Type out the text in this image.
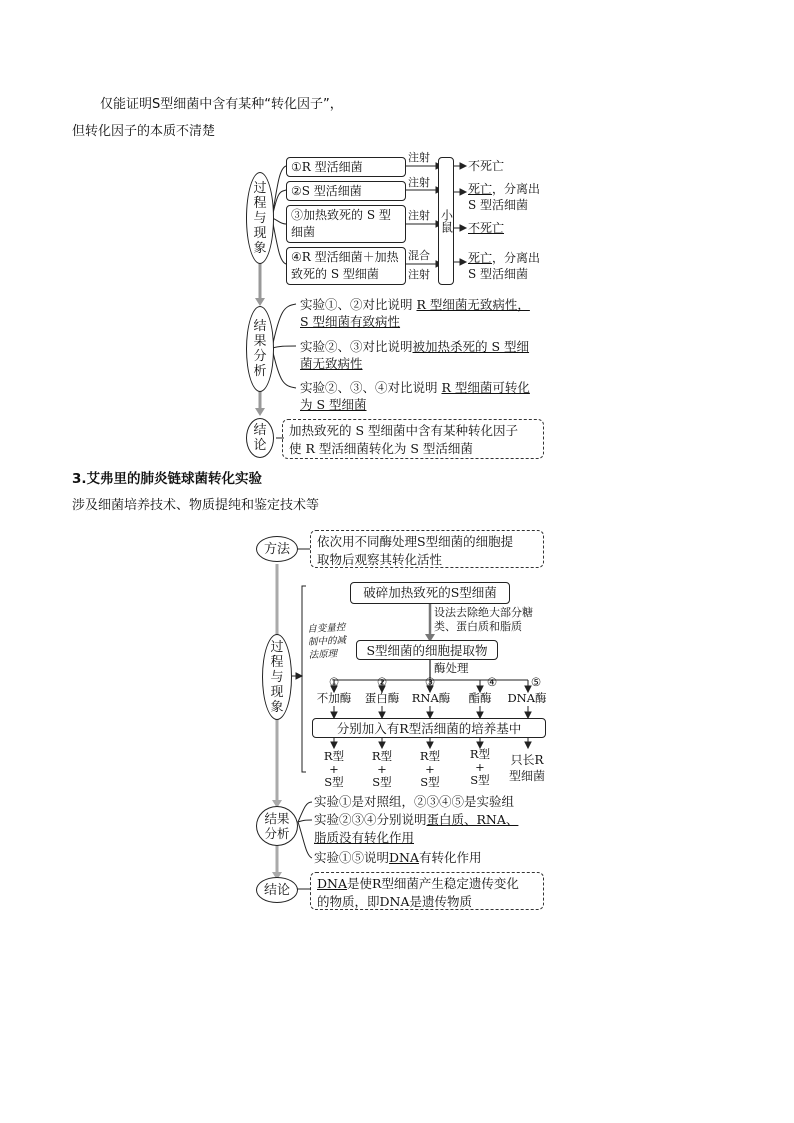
仅能证明S型细菌中含有某种“转化因子”，
但转化因子的本质不清楚
过
程
与
现
象
①R 型活细菌
②S 型活细菌
③加热致死的 S 型细菌
④R 型活细菌＋加热致死的 S 型细菌
注射
注射
注射
混合
注射
小鼠
不死亡
死亡，分离出
S 型活细菌
不死亡
死亡，分离出
S 型活细菌
结
果
分
析
实验①、②对比说明 R 型细菌无致病性，
S 型细菌有致病性
实验②、③对比说明被加热杀死的 S 型细
菌无致病性
实验②、③、④对比说明 R 型细菌可转化
为 S 型细菌
结
论
加热致死的 S 型细菌中含有某种转化因子
使 R 型活细菌转化为 S 型活细菌
3.艾弗里的肺炎链球菌转化实验
涉及细菌培养技术、物质提纯和鉴定技术等
方法	依次用不同酶处理S型细菌的细胞提
取物后观察其转化活性
过
程
与
现
象
自变量控
制中的减
法原理
破碎加热致死的S型细菌
设法去除绝大部分糖
类、蛋白质和脂质
S型细菌的细胞提取物
酶处理
①	②	③	④	⑤
不加酶	蛋白酶	RNA酶	酯酶	DNA酶
分别加入有R型活细菌的培养基中
R型
+
S型
R型
+
S型
R型
+
S型
R型
+
S型
只长R
型细菌
结果
分析
实验①是对照组，②③④⑤是实验组
实验②③④分别说明蛋白质、RNA、
脂质没有转化作用
实验①⑤说明DNA有转化作用
结论	DNA是使R型细菌产生稳定遗传变化
的物质，即DNA是遗传物质
